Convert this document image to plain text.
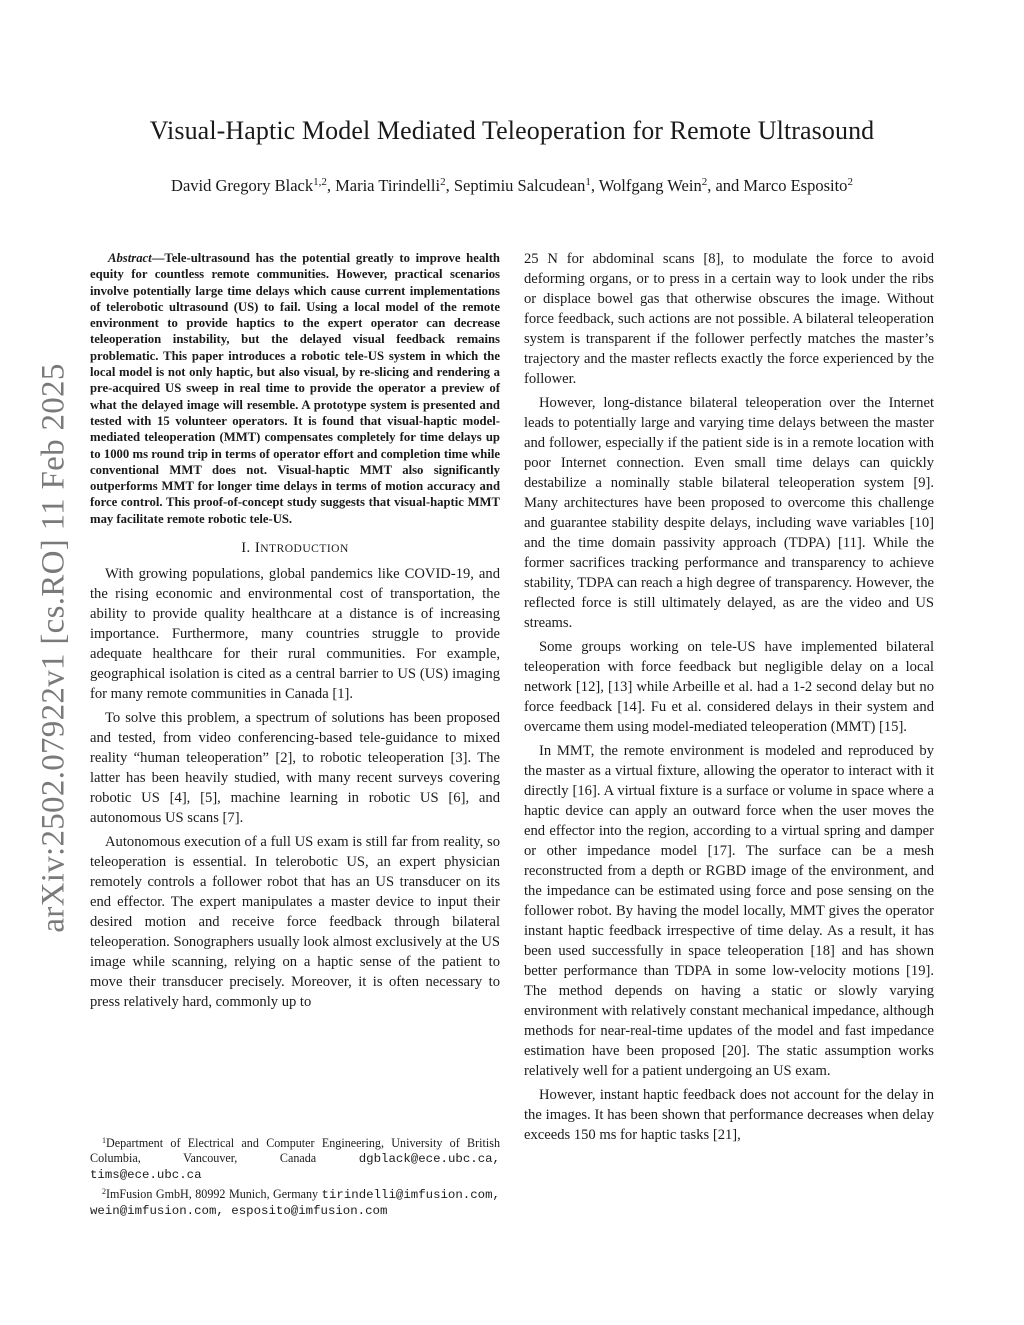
arXiv:2502.07922v1 [cs.RO] 11 Feb 2025
Visual-Haptic Model Mediated Teleoperation for Remote Ultrasound
David Gregory Black$^{1,2}$, Maria Tirindelli$^2$, Septimiu Salcudean$^1$, Wolfgang Wein$^2$, and Marco Esposito$^2$
Abstract—Tele-ultrasound has the potential greatly to improve health equity for countless remote communities. However, practical scenarios involve potentially large time delays which cause current implementations of telerobotic ultrasound (US) to fail. Using a local model of the remote environment to provide haptics to the expert operator can decrease teleoperation instability, but the delayed visual feedback remains problematic. This paper introduces a robotic tele-US system in which the local model is not only haptic, but also visual, by re-slicing and rendering a pre-acquired US sweep in real time to provide the operator a preview of what the delayed image will resemble. A prototype system is presented and tested with 15 volunteer operators. It is found that visual-haptic model-mediated teleoperation (MMT) compensates completely for time delays up to 1000 ms round trip in terms of operator effort and completion time while conventional MMT does not. Visual-haptic MMT also significantly outperforms MMT for longer time delays in terms of motion accuracy and force control. This proof-of-concept study suggests that visual-haptic MMT may facilitate remote robotic tele-US.
I. INTRODUCTION

With growing populations, global pandemics like COVID-19, and the rising economic and environmental cost of transportation, the ability to provide quality healthcare at a distance is of increasing importance. Furthermore, many countries struggle to provide adequate healthcare for their rural communities. For example, geographical isolation is cited as a central barrier to US (US) imaging for many remote communities in Canada [1].

To solve this problem, a spectrum of solutions has been proposed and tested, from video conferencing-based tele-guidance to mixed reality “human teleoperation” [2], to robotic teleoperation [3]. The latter has been heavily studied, with many recent surveys covering robotic US [4], [5], machine learning in robotic US [6], and autonomous US scans [7].

Autonomous execution of a full US exam is still far from reality, so teleoperation is essential. In telerobotic US, an expert physician remotely controls a follower robot that has an US transducer on its end effector. The expert manipulates a master device to input their desired motion and receive force feedback through bilateral teleoperation. Sonographers usually look almost exclusively at the US image while scanning, relying on a haptic sense of the patient to move their transducer precisely. Moreover, it is often necessary to press relatively hard, commonly up to

$^1$Department of Electrical and Computer Engineering, University of British Columbia, Vancouver, Canada dgblack@ece.ubc.ca, tims@ece.ubc.ca

$^2$ImFusion GmbH, 80992 Munich, Germany tirindelli@imfusion.com, wein@imfusion.com, esposito@imfusion.com

25 N for abdominal scans [8], to modulate the force to avoid deforming organs, or to press in a certain way to look under the ribs or displace bowel gas that otherwise obscures the image. Without force feedback, such actions are not possible. A bilateral teleoperation system is transparent if the follower perfectly matches the master’s trajectory and the master reflects exactly the force experienced by the follower.

However, long-distance bilateral teleoperation over the Internet leads to potentially large and varying time delays between the master and follower, especially if the patient side is in a remote location with poor Internet connection. Even small time delays can quickly destabilize a nominally stable bilateral teleoperation system [9]. Many architectures have been proposed to overcome this challenge and guarantee stability despite delays, including wave variables [10] and the time domain passivity approach (TDPA) [11]. While the former sacrifices tracking performance and transparency to achieve stability, TDPA can reach a high degree of transparency. However, the reflected force is still ultimately delayed, as are the video and US streams.

Some groups working on tele-US have implemented bilateral teleoperation with force feedback but negligible delay on a local network [12], [13] while Arbeille et al. had a 1-2 second delay but no force feedback [14]. Fu et al. considered delays in their system and overcame them using model-mediated teleoperation (MMT) [15].

In MMT, the remote environment is modeled and reproduced by the master as a virtual fixture, allowing the operator to interact with it directly [16]. A virtual fixture is a surface or volume in space where a haptic device can apply an outward force when the user moves the end effector into the region, according to a virtual spring and damper or other impedance model [17]. The surface can be a mesh reconstructed from a depth or RGBD image of the environment, and the impedance can be estimated using force and pose sensing on the follower robot. By having the model locally, MMT gives the operator instant haptic feedback irrespective of time delay. As a result, it has been used successfully in space teleoperation [18] and has shown better performance than TDPA in some low-velocity motions [19]. The method depends on having a static or slowly varying environment with relatively constant mechanical impedance, although methods for near-real-time updates of the model and fast impedance estimation have been proposed [20]. The static assumption works relatively well for a patient undergoing an US exam.

However, instant haptic feedback does not account for the delay in the images. It has been shown that performance decreases when delay exceeds 150 ms for haptic tasks [21],
